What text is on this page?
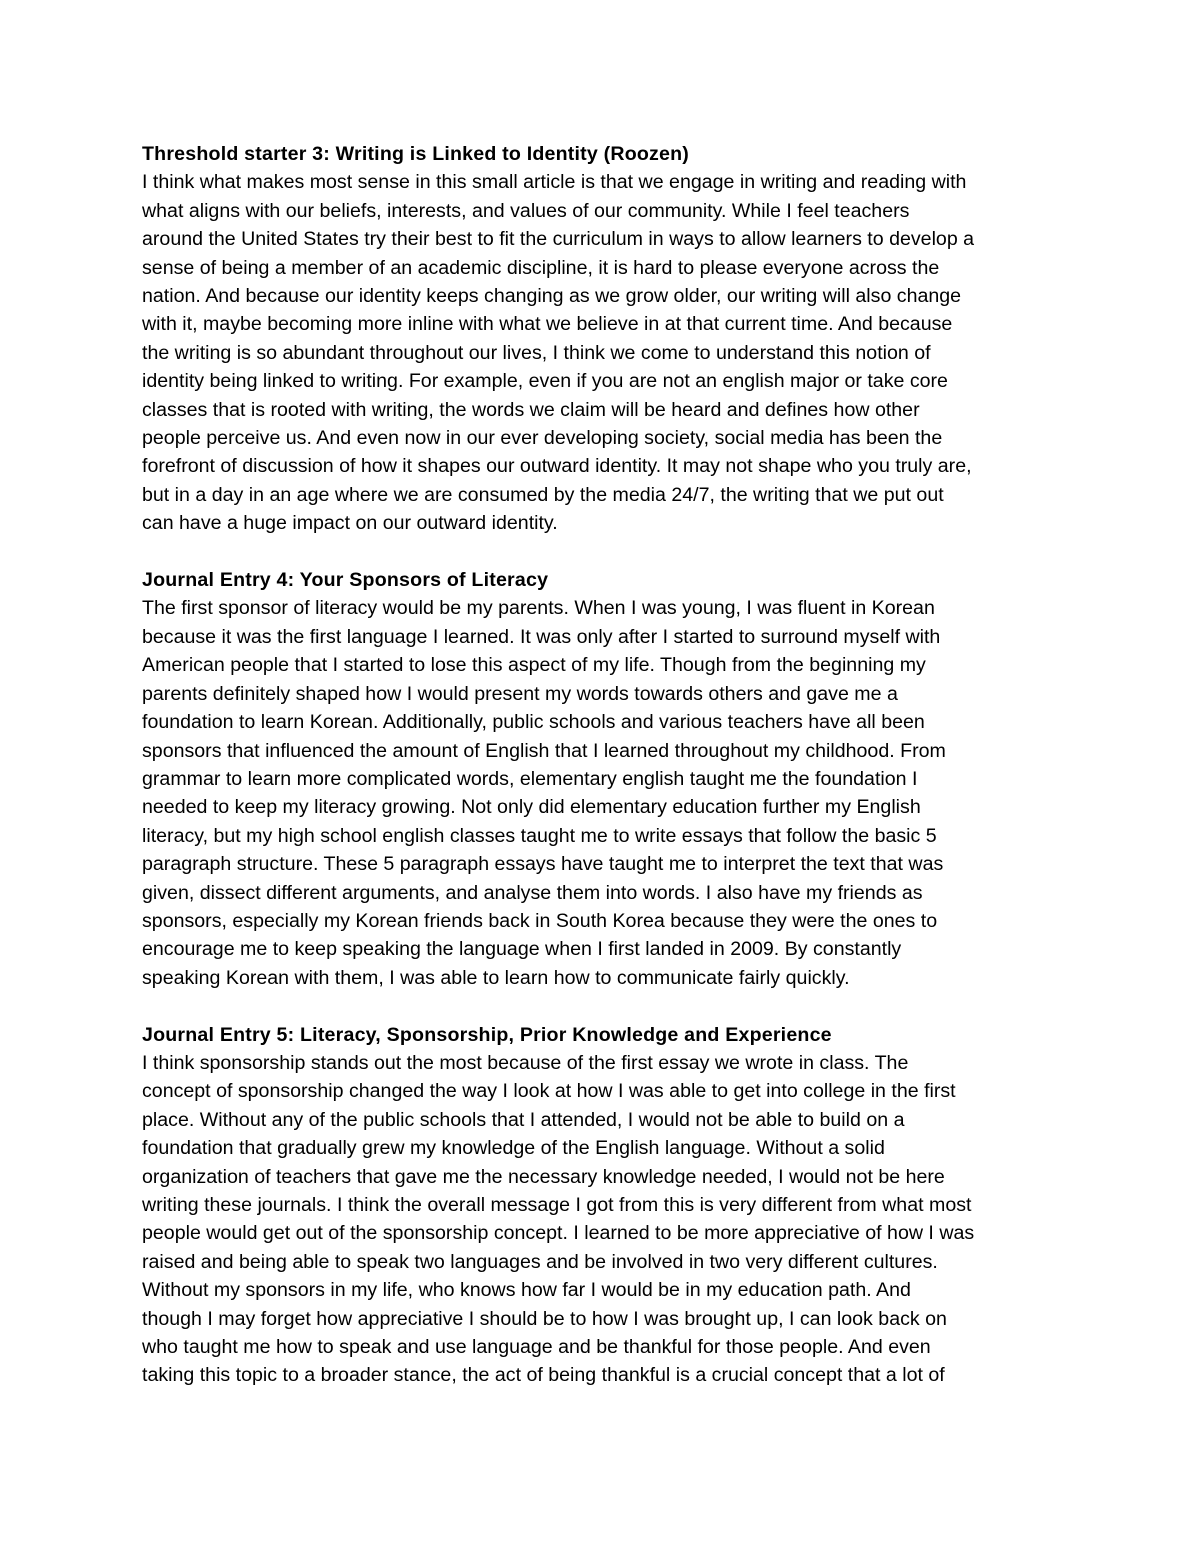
Threshold starter 3: Writing is Linked to Identity (Roozen)
I think what makes most sense in this small article is that we engage in writing and reading with
what aligns with our beliefs, interests, and values of our community. While I feel teachers
around the United States try their best to fit the curriculum in ways to allow learners to develop a
sense of being a member of an academic discipline, it is hard to please everyone across the
nation. And because our identity keeps changing as we grow older, our writing will also change
with it, maybe becoming more inline with what we believe in at that current time. And because
the writing is so abundant throughout our lives, I think we come to understand this notion of
identity being linked to writing. For example, even if you are not an english major or take core
classes that is rooted with writing, the words we claim will be heard and defines how other
people perceive us. And even now in our ever developing society, social media has been the
forefront of discussion of how it shapes our outward identity. It may not shape who you truly are,
but in a day in an age where we are consumed by the media 24/7, the writing that we put out
can have a huge impact on our outward identity.
Journal Entry 4: Your Sponsors of Literacy
The first sponsor of literacy would be my parents. When I was young, I was fluent in Korean
because it was the first language I learned. It was only after I started to surround myself with
American people that I started to lose this aspect of my life. Though from the beginning my
parents definitely shaped how I would present my words towards others and gave me a
foundation to learn Korean. Additionally, public schools and various teachers have all been
sponsors that influenced the amount of English that I learned throughout my childhood. From
grammar to learn more complicated words, elementary english taught me the foundation I
needed to keep my literacy growing. Not only did elementary education further my English
literacy, but my high school english classes taught me to write essays that follow the basic 5
paragraph structure. These 5 paragraph essays have taught me to interpret the text that was
given, dissect different arguments, and analyse them into words. I also have my friends as
sponsors, especially my Korean friends back in South Korea because they were the ones to
encourage me to keep speaking the language when I first landed in 2009. By constantly
speaking Korean with them, I was able to learn how to communicate fairly quickly.
Journal Entry 5: Literacy, Sponsorship, Prior Knowledge and Experience
I think sponsorship stands out the most because of the first essay we wrote in class. The
concept of sponsorship changed the way I look at how I was able to get into college in the first
place. Without any of the public schools that I attended, I would not be able to build on a
foundation that gradually grew my knowledge of the English language. Without a solid
organization of teachers that gave me the necessary knowledge needed, I would not be here
writing these journals. I think the overall message I got from this is very different from what most
people would get out of the sponsorship concept. I learned to be more appreciative of how I was
raised and being able to speak two languages and be involved in two very different cultures.
Without my sponsors in my life, who knows how far I would be in my education path. And
though I may forget how appreciative I should be to how I was brought up, I can look back on
who taught me how to speak and use language and be thankful for those people. And even
taking this topic to a broader stance, the act of being thankful is a crucial concept that a lot of
